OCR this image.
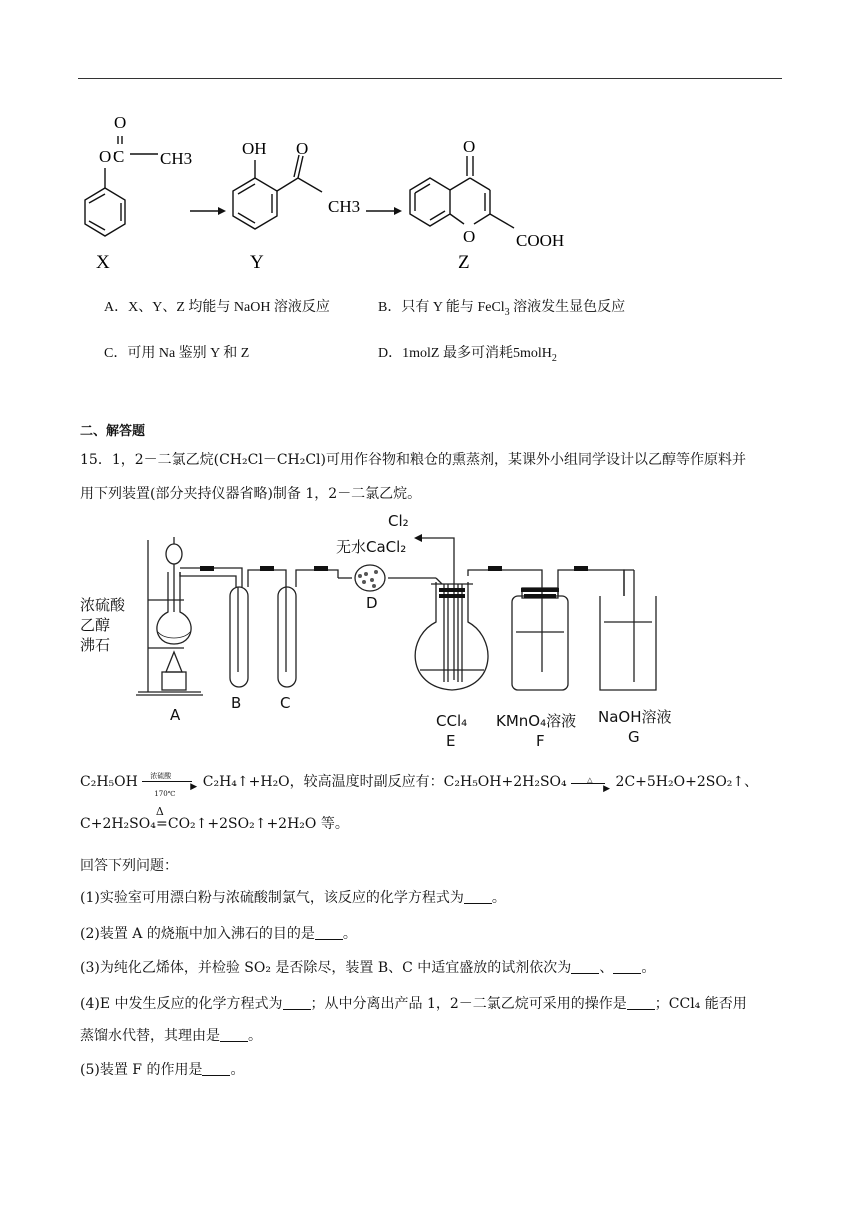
O
O C CH3
X
OH O
CH3
Y
O
O COOH
Z
A．X、Y、Z 均能与 NaOH 溶液反应	B．只有 Y 能与 FeCl$_3$ 溶液发生显色反应
C．可用 Na 鉴别 Y 和 Z	D．1molZ 最多可消耗5molH$_2$
二、解答题
15．1，2－二氯乙烷(CH₂Cl－CH₂Cl)可用作谷物和粮仓的熏蒸剂，某课外小组同学设计以乙醇等作原料并
用下列装置(部分夹持仪器省略)制备 1，2－二氯乙烷。
Cl₂
无水CaCl₂
D
浓硫酸
乙醇
沸石
A
B	C
CCl₄
E
KMnO₄溶液
F
NaOH溶液
G
C₂H₅OH 浓硫酸
▶
170℃
C₂H₄↑+H₂O，较高温度时副反应有：C₂H₅OH+2H₂SO₄	△
▶ 2C+5H₂O+2SO₂↑、
C+2H₂SO₄
Δ
=CO₂↑+2SO₂↑+2H₂O 等。
回答下列问题：
(1)实验室可用漂白粉与浓硫酸制氯气，该反应的化学方程式为 。
(2)装置 A 的烧瓶中加入沸石的目的是 。
(3)为纯化乙烯体，并检验 SO₂ 是否除尽，装置 B、C 中适宜盛放的试剂依次为 、 。
(4)E 中发生反应的化学方程式为 ；从中分离出产品 1，2－二氯乙烷可采用的操作是 ；CCl₄ 能否用
蒸馏水代替，其理由是 。
(5)装置 F 的作用是 。
